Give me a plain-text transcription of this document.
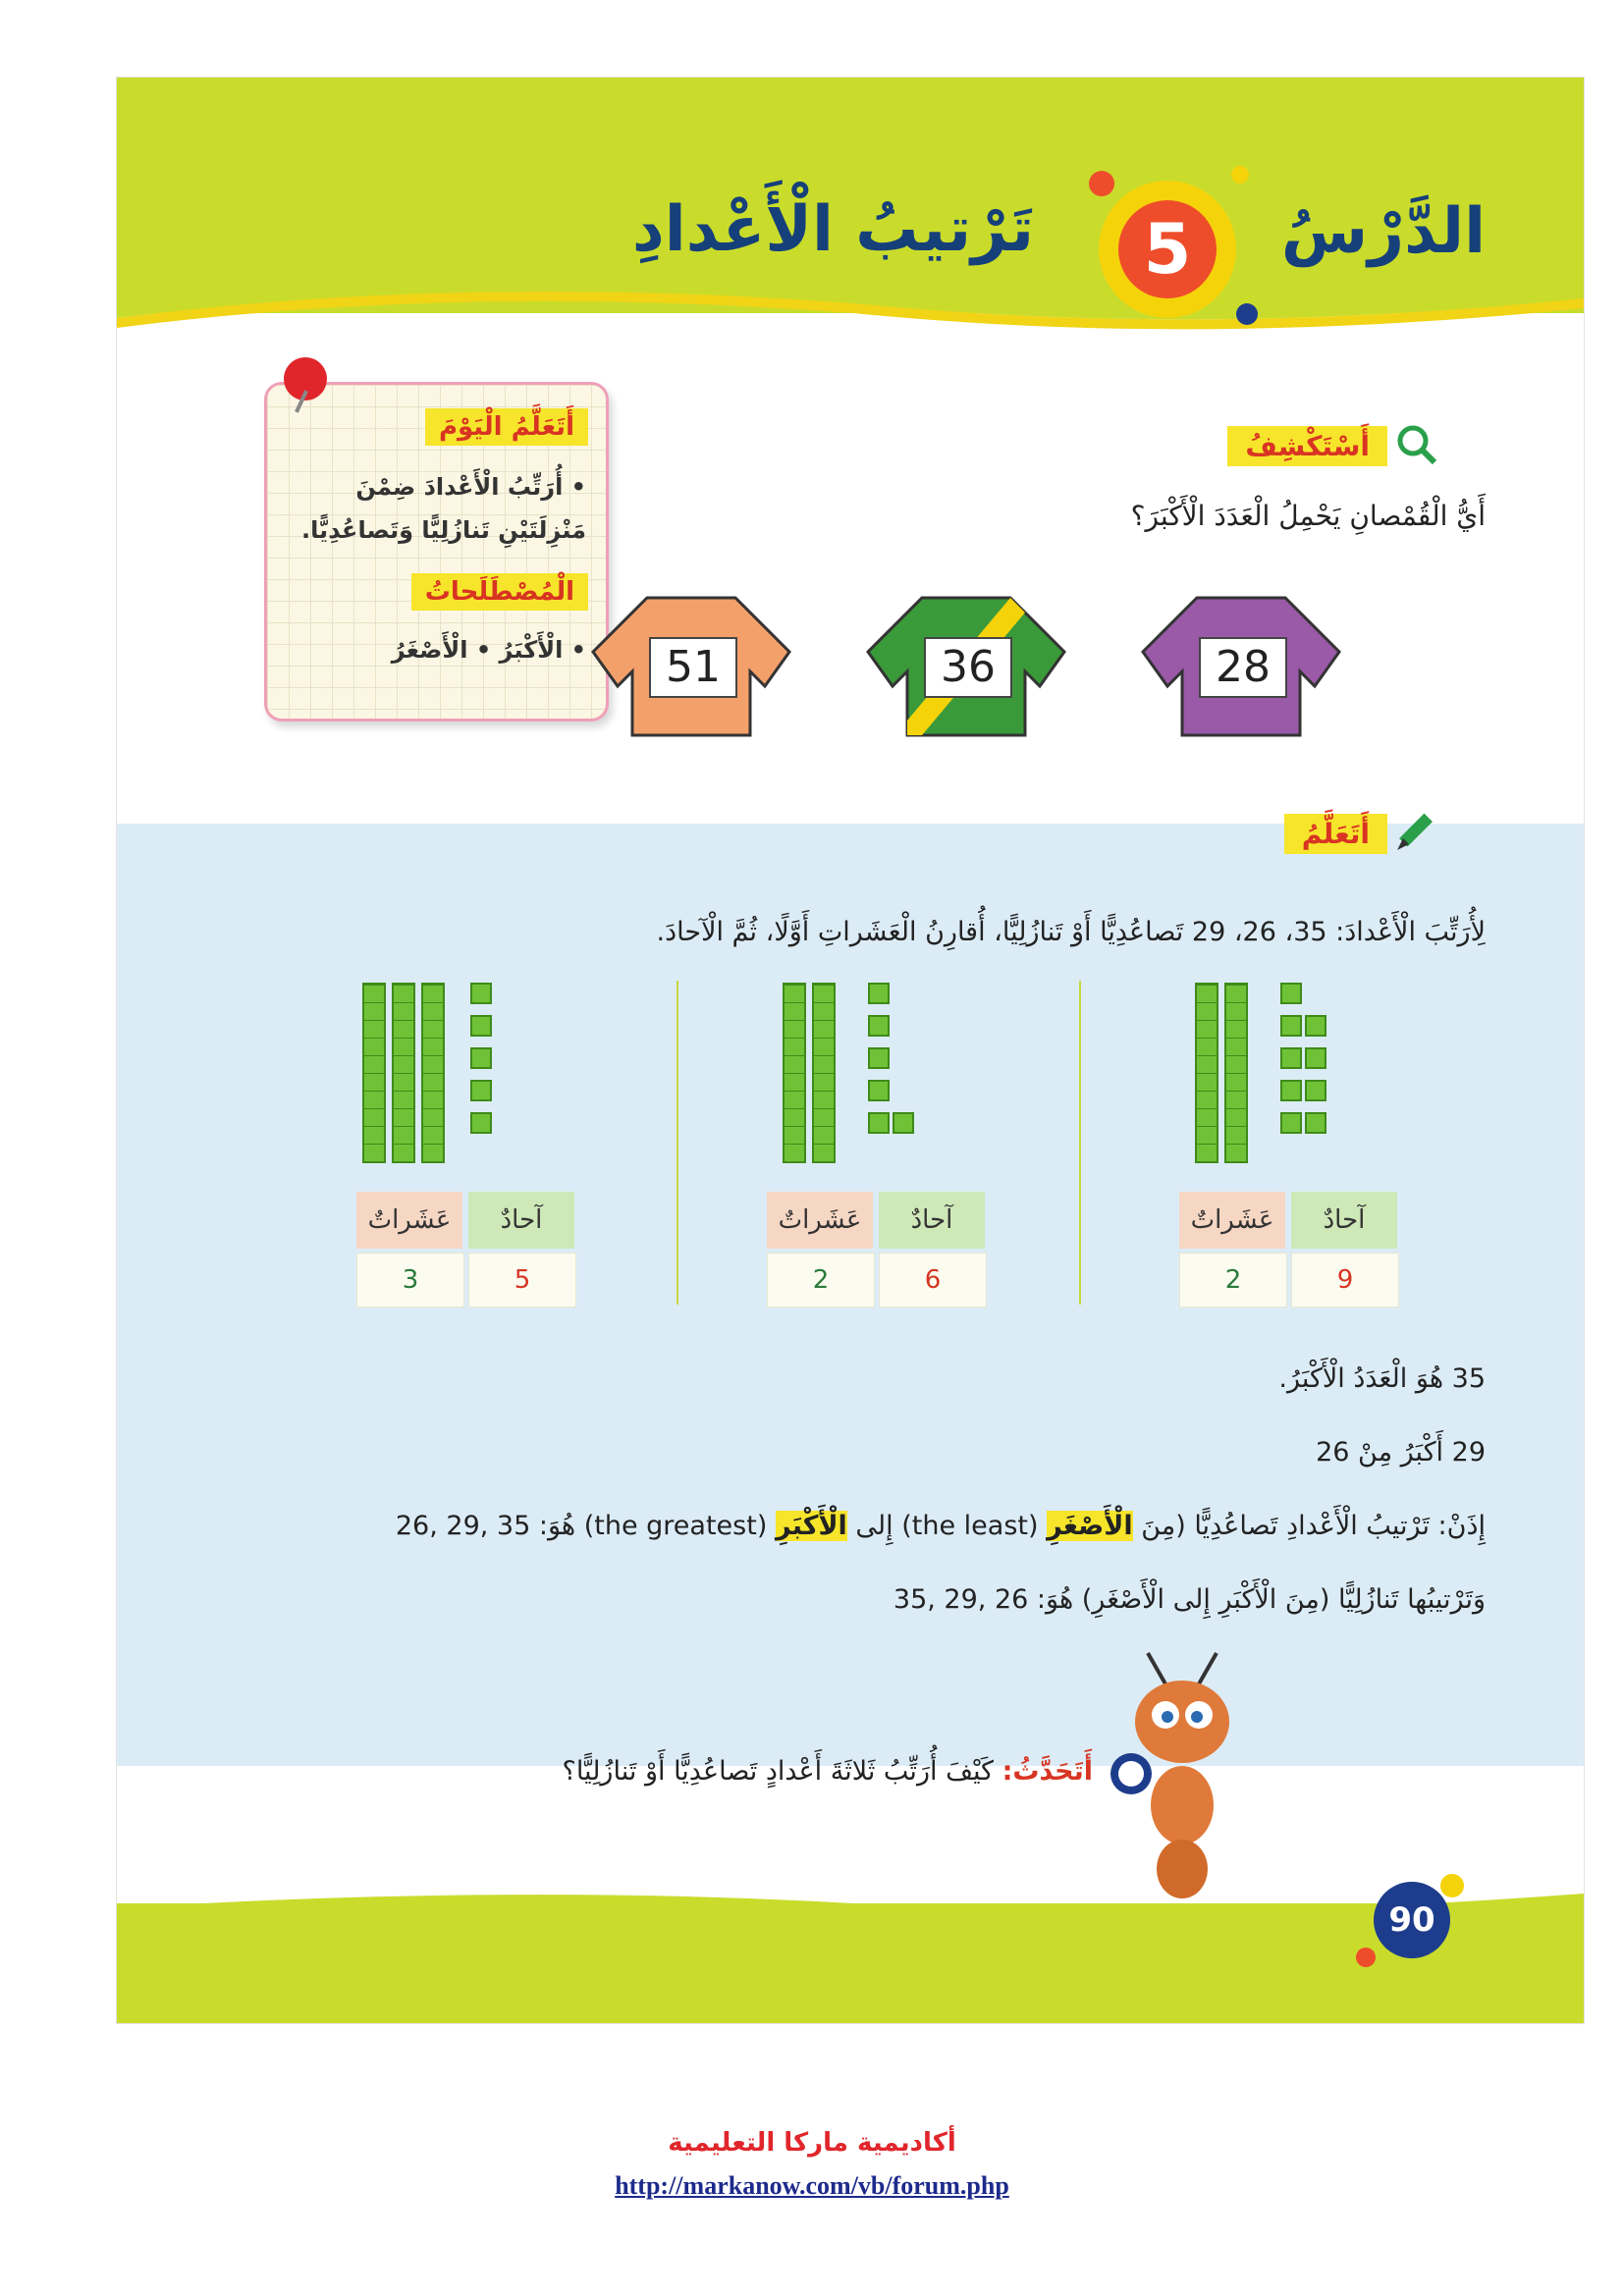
الدَّرْسُ
5
تَرْتيبُ الْأَعْدادِ
أَتَعَلَّمُ الْيَوْمَ
• أُرَتِّبُ الْأَعْدادَ ضِمْنَ مَنْزِلَتَيْنِ تَنازُلِيًّا وَتَصاعُدِيًّا.
الْمُصْطَلَحاتُ
• الْأَكْبَرُ • الْأَصْغَرُ
أَسْتَكْشِفُ
أَيُّ الْقُمْصانِ يَحْمِلُ الْعَدَدَ الْأَكْبَرَ؟
51	36	28
أَتَعَلَّمُ
لِأُرَتِّبَ الْأَعْدادَ: 35، 26، 29 تَصاعُدِيًّا أَوْ تَنازُلِيًّا، أُقارِنُ الْعَشَراتِ أَوَّلًا، ثُمَّ الْآحادَ.
عَشَراتٌ	آحادٌ
2	9
عَشَراتٌ	آحادٌ
2	6
عَشَراتٌ	آحادٌ
3	5
35 هُوَ الْعَدَدُ الْأَكْبَرُ.
29 أَكْبَرُ مِنْ 26
إِذَنْ: تَرْتيبُ الْأَعْدادِ تَصاعُدِيًّا (مِنَ الْأَصْغَرِ (the least) إِلى الْأَكْبَرِ (the greatest) هُوَ: 35 ,29 ,26
وَتَرْتيبُها تَنازُلِيًّا (مِنَ الْأَكْبَرِ إِلى الْأَصْغَرِ) هُوَ: 26 ,29 ,35
أَتَحَدَّثُ: كَيْفَ أُرَتِّبُ ثَلاثَةَ أَعْدادٍ تَصاعُدِيًّا أَوْ تَنازُلِيًّا؟
90
أكاديمية ماركا التعليمية
http://markanow.com/vb/forum.php
